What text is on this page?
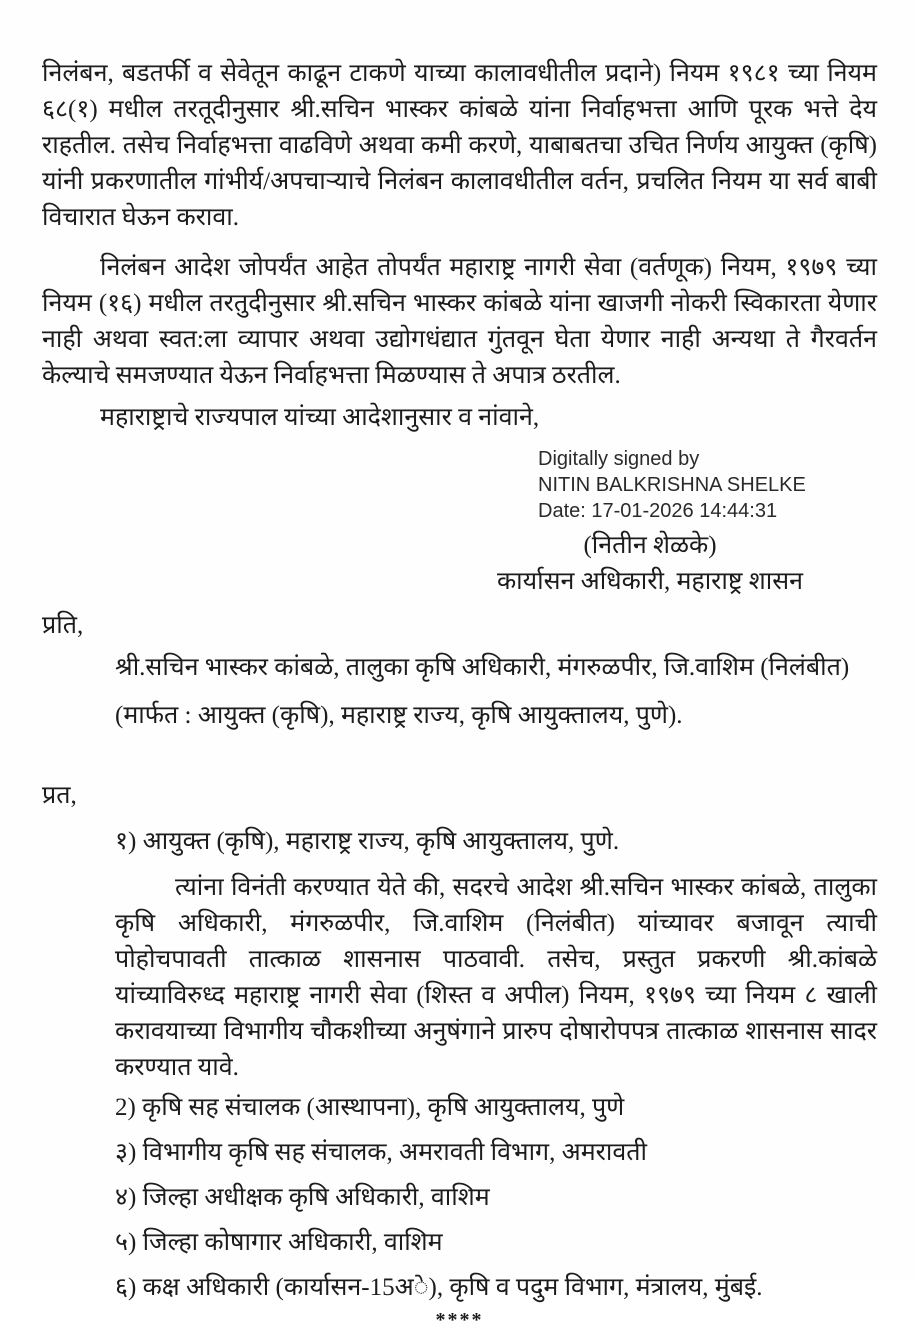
निलंबन, बडतर्फी व सेवेतून काढून टाकणे याच्या कालावधीतील प्रदाने) नियम १९८१ च्या नियम ६८(१) मधील तरतूदीनुसार श्री.सचिन भास्कर कांबळे यांना निर्वाहभत्ता आणि पूरक भत्ते देय राहतील. तसेच निर्वाहभत्ता वाढविणे अथवा कमी करणे, याबाबतचा उचित निर्णय आयुक्त (कृषि) यांनी प्रकरणातील गांभीर्य/अपचाऱ्याचे निलंबन कालावधीतील वर्तन, प्रचलित नियम या सर्व बाबी विचारात घेऊन करावा.

निलंबन आदेश जोपर्यंत आहेत तोपर्यंत महाराष्ट्र नागरी सेवा (वर्तणूक) नियम, १९७९ च्या नियम (१६) मधील तरतुदीनुसार श्री.सचिन भास्कर कांबळे यांना खाजगी नोकरी स्विकारता येणार नाही अथवा स्वत:ला व्यापार अथवा उद्योगधंद्यात गुंतवून घेता येणार नाही अन्यथा ते गैरवर्तन केल्याचे समजण्यात येऊन निर्वाहभत्ता मिळण्यास ते अपात्र ठरतील.

महाराष्ट्राचे राज्यपाल यांच्या आदेशानुसार व नांवाने,

Digitally signed by
NITIN BALKRISHNA SHELKE
Date: 17-01-2026 14:44:31
(नितीन शेळके)
कार्यासन अधिकारी, महाराष्ट्र शासन

प्रति,

श्री.सचिन भास्कर कांबळे, तालुका कृषि अधिकारी, मंगरुळपीर, जि.वाशिम (निलंबीत)

(मार्फत : आयुक्त (कृषि), महाराष्ट्र राज्य, कृषि आयुक्तालय, पुणे).

प्रत,

१) आयुक्त (कृषि), महाराष्ट्र राज्य, कृषि आयुक्तालय, पुणे.

त्यांना विनंती करण्यात येते की, सदरचे आदेश श्री.सचिन भास्कर कांबळे, तालुका कृषि अधिकारी, मंगरुळपीर, जि.वाशिम (निलंबीत) यांच्यावर बजावून त्याची पोहोचपावती तात्काळ शासनास पाठवावी. तसेच, प्रस्तुत प्रकरणी श्री.कांबळे यांच्याविरुध्द महाराष्ट्र नागरी सेवा (शिस्त व अपील) नियम, १९७९ च्या नियम ८ खाली करावयाच्या विभागीय चौकशीच्या अनुषंगाने प्रारुप दोषारोपपत्र तात्काळ शासनास सादर करण्यात यावे.

2) कृषि सह संचालक (आस्थापना), कृषि आयुक्तालय, पुणे

३) विभागीय कृषि सह संचालक, अमरावती विभाग, अमरावती

४) जिल्हा अधीक्षक कृषि अधिकारी, वाशिम

५) जिल्हा कोषागार अधिकारी, वाशिम

६) कक्ष अधिकारी (कार्यासन-15अ◌े), कृषि व पदुम विभाग, मंत्रालय, मुंबई.

****
